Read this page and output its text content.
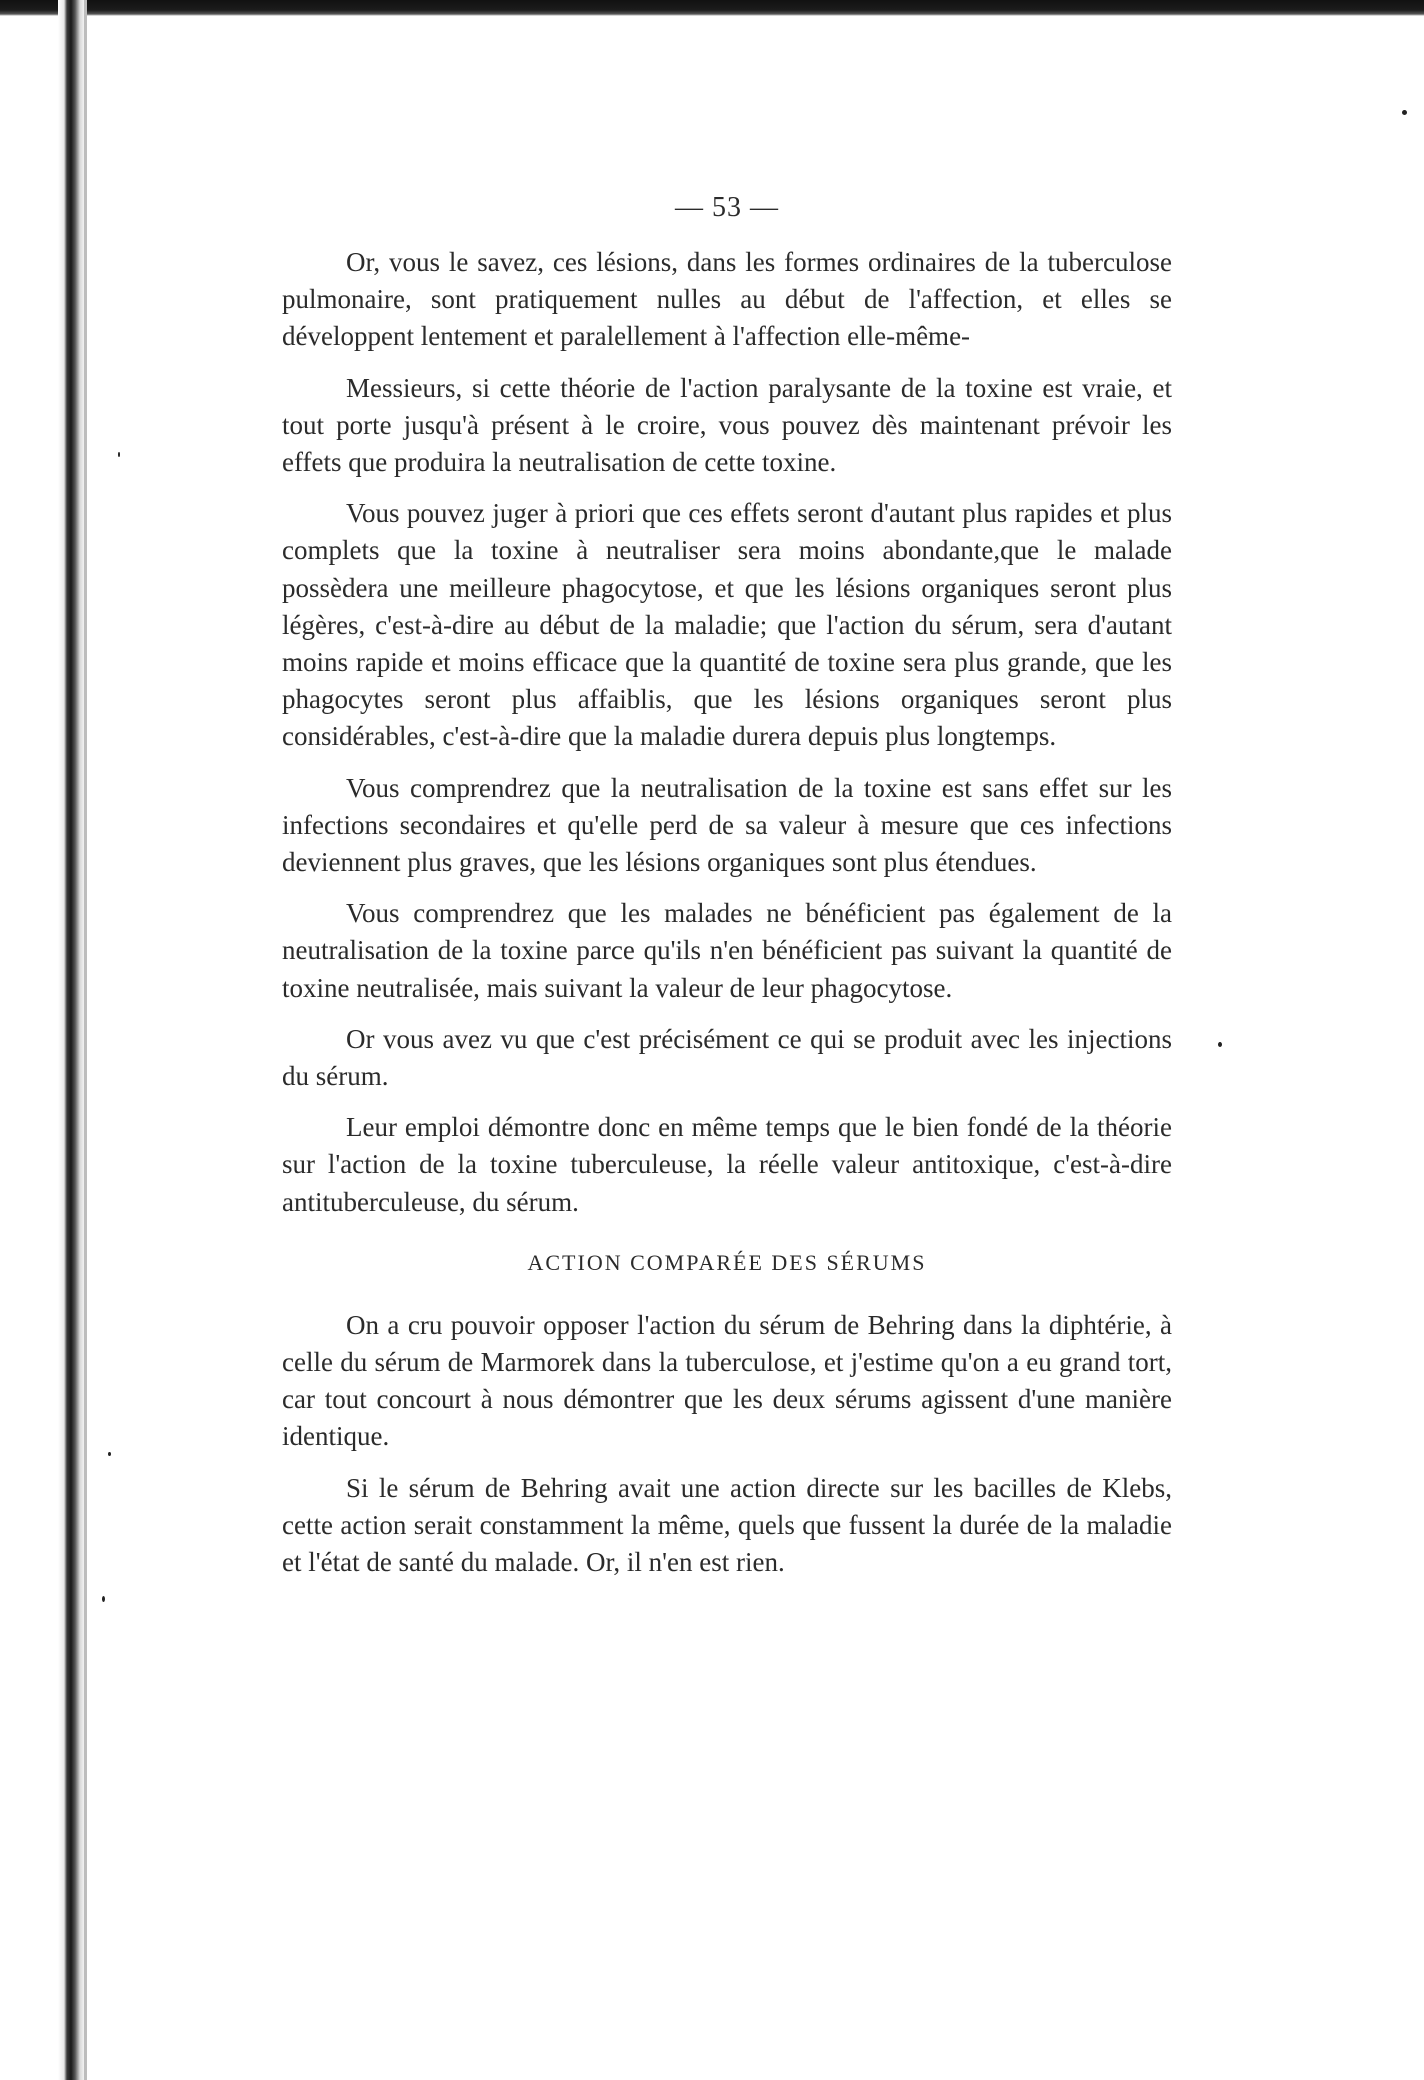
— 53 —

Or, vous le savez, ces lésions, dans les formes ordinaires de la tuberculose pulmonaire, sont pratiquement nulles au début de l'affection, et elles se développent lentement et paralellement à l'affection elle-même-

Messieurs, si cette théorie de l'action paralysante de la toxine est vraie, et tout porte jusqu'à présent à le croire, vous pouvez dès maintenant prévoir les effets que produira la neutralisation de cette toxine.

Vous pouvez juger à priori que ces effets seront d'autant plus rapides et plus complets que la toxine à neutraliser sera moins abondante,que le malade possèdera une meilleure phagocytose, et que les lésions organiques seront plus légères, c'est-à-dire au début de la maladie; que l'action du sérum, sera d'autant moins rapide et moins efficace que la quantité de toxine sera plus grande, que les phagocytes seront plus affaiblis, que les lésions organiques seront plus considérables, c'est-à-dire que la maladie durera depuis plus longtemps.

Vous comprendrez que la neutralisation de la toxine est sans effet sur les infections secondaires et qu'elle perd de sa valeur à mesure que ces infections deviennent plus graves, que les lésions organiques sont plus étendues.

Vous comprendrez que les malades ne bénéficient pas également de la neutralisation de la toxine parce qu'ils n'en bénéficient pas suivant la quantité de toxine neutralisée, mais suivant la valeur de leur phagocytose.

Or vous avez vu que c'est précisément ce qui se produit avec les injections du sérum.

Leur emploi démontre donc en même temps que le bien fondé de la théorie sur l'action de la toxine tuberculeuse, la réelle valeur antitoxique, c'est-à-dire antituberculeuse, du sérum.

ACTION COMPARÉE DES SÉRUMS

On a cru pouvoir opposer l'action du sérum de Behring dans la diphtérie, à celle du sérum de Marmorek dans la tuberculose, et j'estime qu'on a eu grand tort, car tout concourt à nous démontrer que les deux sérums agissent d'une manière identique.

Si le sérum de Behring avait une action directe sur les bacilles de Klebs, cette action serait constamment la même, quels que fussent la durée de la maladie et l'état de santé du malade. Or, il n'en est rien.
